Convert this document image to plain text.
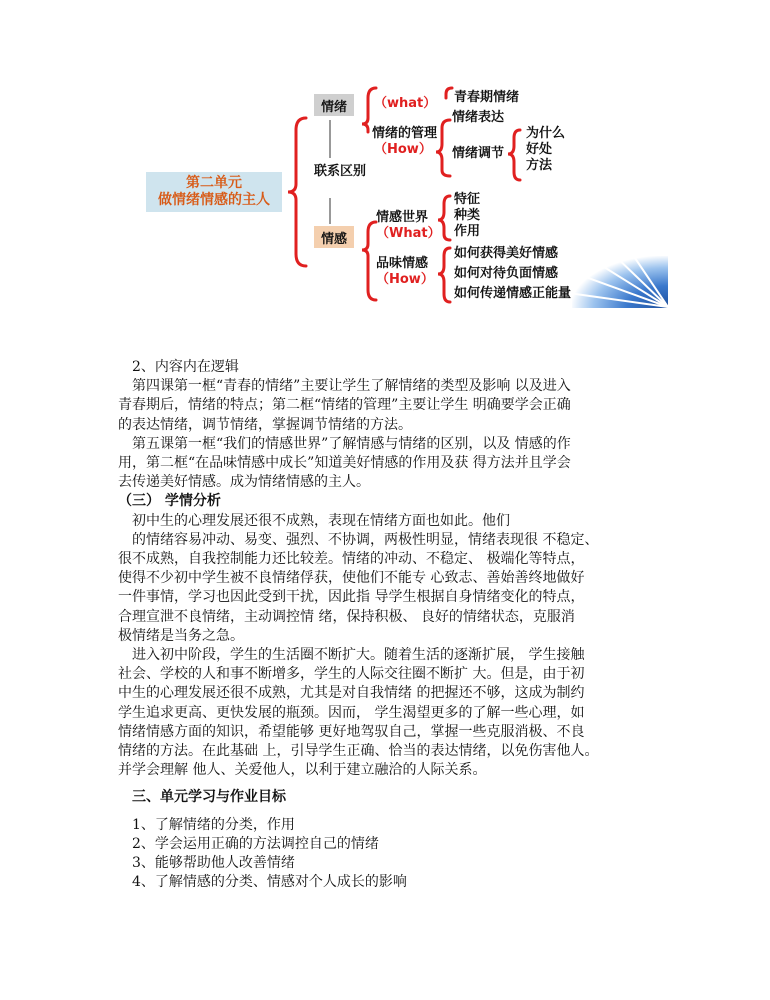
第二单元
做情绪情感的主人
情绪
联系区别
情感
（what）
情绪的管理
（How）
青春期情绪
情绪表达
情绪调节
为什么
好处
方法
情感世界
（What）
特征
种类
作用
品味情感
（How）
如何获得美好情感
如何对待负面情感
如何传递情感正能量

2、内容内在逻辑

第四课第一框“青春的情绪”主要让学生了解情绪的类型及影响 以及进入

青春期后，情绪的特点；第二框“情绪的管理”主要让学生 明确要学会正确

的表达情绪，调节情绪，掌握调节情绪的方法。

第五课第一框“我们的情感世界”了解情感与情绪的区别，以及 情感的作

用，第二框“在品味情感中成长”知道美好情感的作用及获 得方法并且学会

去传递美好情感。成为情绪情感的主人。

（三） 学情分析

初中生的心理发展还很不成熟，表现在情绪方面也如此。他们

的情绪容易冲动、易变、强烈、不协调，两极性明显，情绪表现很 不稳定、

很不成熟，自我控制能力还比较差。情绪的冲动、不稳定、 极端化等特点，

使得不少初中学生被不良情绪俘获，使他们不能专 心致志、善始善终地做好

一件事情，学习也因此受到干扰，因此指 导学生根据自身情绪变化的特点，

合理宣泄不良情绪，主动调控情 绪，保持积极、 良好的情绪状态，克服消

极情绪是当务之急。

进入初中阶段，学生的生活圈不断扩大。随着生活的逐渐扩展， 学生接触

社会、学校的人和事不断增多，学生的人际交往圈不断扩 大。但是，由于初

中生的心理发展还很不成熟，尤其是对自我情绪 的把握还不够，这成为制约

学生追求更高、更快发展的瓶颈。因而， 学生渴望更多的了解一些心理，如

情绪情感方面的知识，希望能够 更好地驾驭自己，掌握一些克服消极、不良

情绪的方法。在此基础 上，引导学生正确、恰当的表达情绪，以免伤害他人。

并学会理解 他人、关爱他人，以利于建立融洽的人际关系。

三、单元学习与作业目标

1、了解情绪的分类，作用

2、学会运用正确的方法调控自己的情绪

3、能够帮助他人改善情绪

4、了解情感的分类、情感对个人成长的影响
